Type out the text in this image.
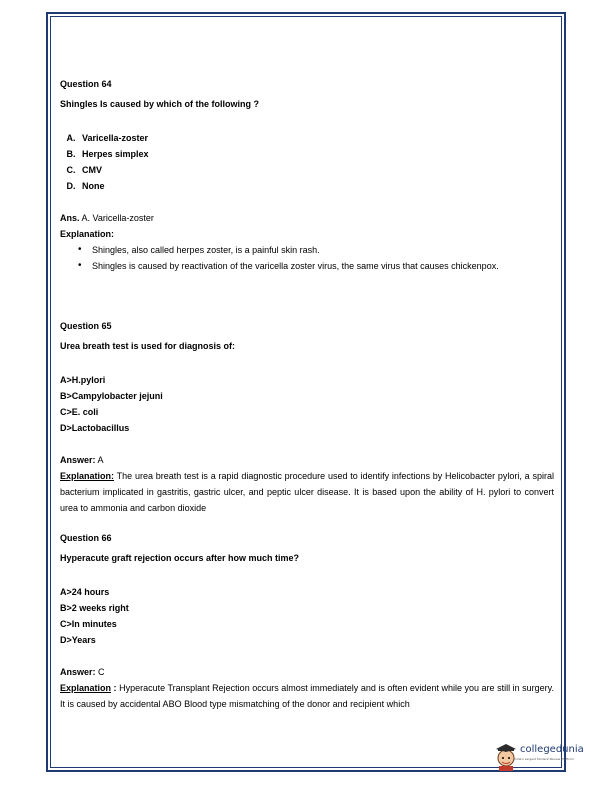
Question 64

Shingles Is caused by which of the following ?

A. Varicella-zoster
B. Herpes simplex
C. CMV
D. None
Ans. A. Varicella-zoster
Explanation:
• Shingles, also called herpes zoster, is a painful skin rash.
• Shingles is caused by reactivation of the varicella zoster virus, the same virus that causes chickenpox.

Question 65

Urea breath test is used for diagnosis of:

A>H.pylori
B>Campylobacter jejuni
C>E. coli
D>Lactobacillus
Answer: A
Explanation: The urea breath test is a rapid diagnostic procedure used to identify infections by Helicobacter pylori, a spiral bacterium implicated in gastritis, gastric ulcer, and peptic ulcer disease. It is based upon the ability of H. pylori to convert urea to ammonia and carbon dioxide

Question 66

Hyperacute graft rejection occurs after how much time?

A>24 hours
B>2 weeks right
C>In minutes
D>Years
Answer: C
Explanation : Hyperacute Transplant Rejection occurs almost immediately and is often evident while you are still in surgery. It is caused by accidental ABO Blood type mismatching of the donor and recipient which
collegedunia
India's Largest Student Review Platform
